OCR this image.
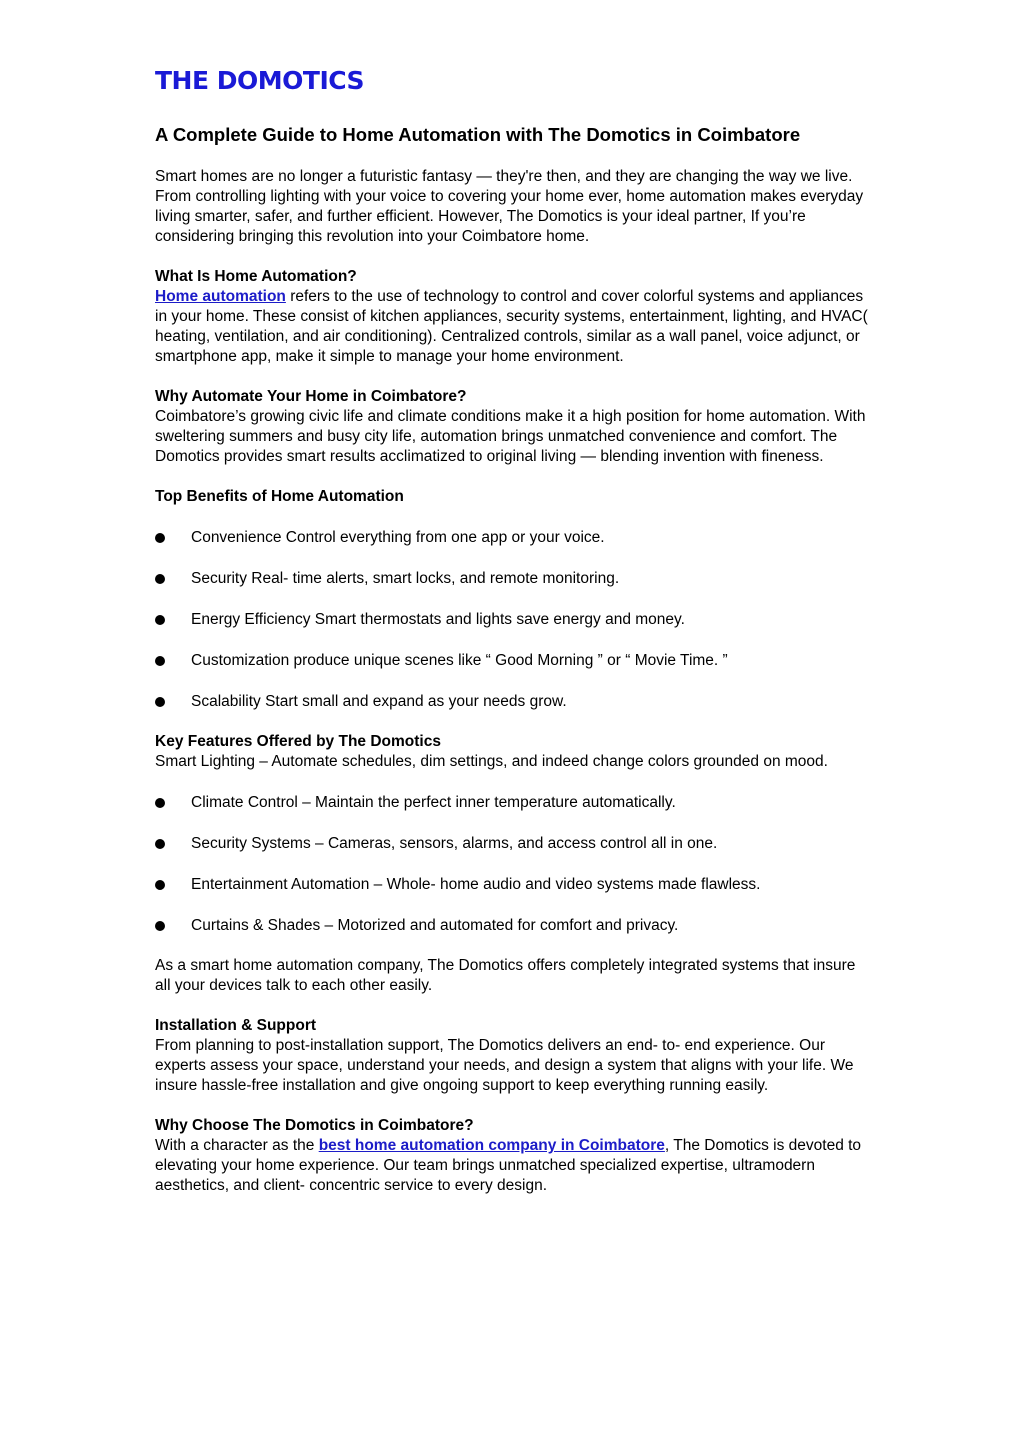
THE DOMOTICS
A Complete Guide to Home Automation with The Domotics in Coimbatore

Smart homes are no longer a futuristic fantasy — they're then, and they are changing the way we live. From controlling lighting with your voice to covering your home ever, home automation makes everyday living smarter, safer, and further efficient. However, The Domotics is your ideal partner, If you’re considering bringing this revolution into your Coimbatore home.

What Is Home Automation?

Home automation refers to the use of technology to control and cover colorful systems and appliances in your home. These consist of kitchen appliances, security systems, entertainment, lighting, and HVAC( heating, ventilation, and air conditioning). Centralized controls, similar as a wall panel, voice adjunct, or smartphone app, make it simple to manage your home environment.

Why Automate Your Home in Coimbatore?

Coimbatore’s growing civic life and climate conditions make it a high position for home automation. With sweltering summers and busy city life, automation brings unmatched convenience and comfort. The Domotics provides smart results acclimatized to original living — blending invention with fineness.

Top Benefits of Home Automation
Convenience Control everything from one app or your voice.
Security Real- time alerts, smart locks, and remote monitoring.
Energy Efficiency Smart thermostats and lights save energy and money.
Customization produce unique scenes like “ Good Morning ” or “ Movie Time. ”
Scalability Start small and expand as your needs grow.
Key Features Offered by The Domotics

Smart Lighting – Automate schedules, dim settings, and indeed change colors grounded on mood.

Climate Control – Maintain the perfect inner temperature automatically.
Security Systems – Cameras, sensors, alarms, and access control all in one.
Entertainment Automation – Whole- home audio and video systems made flawless.
Curtains & Shades – Motorized and automated for comfort and privacy.

As a smart home automation company, The Domotics offers completely integrated systems that insure all your devices talk to each other easily.

Installation & Support

From planning to post-installation support, The Domotics delivers an end- to- end experience. Our experts assess your space, understand your needs, and design a system that aligns with your life. We insure hassle-free installation and give ongoing support to keep everything running easily.

Why Choose The Domotics in Coimbatore?

With a character as the best home automation company in Coimbatore, The Domotics is devoted to elevating your home experience. Our team brings unmatched specialized expertise, ultramodern aesthetics, and client- concentric service to every design.
